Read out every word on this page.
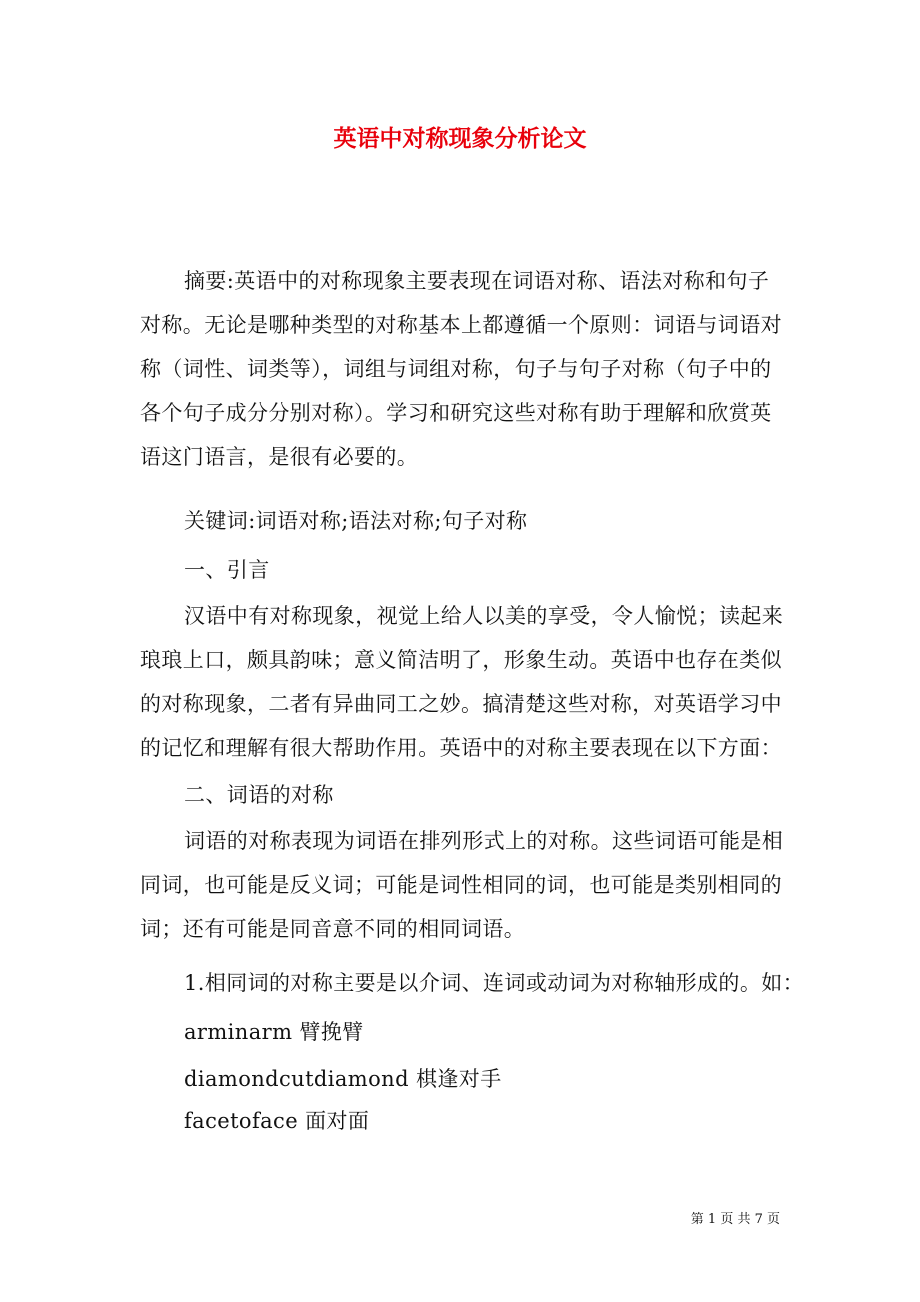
英语中对称现象分析论文
摘要:英语中的对称现象主要表现在词语对称、语法对称和句子
对称。无论是哪种类型的对称基本上都遵循一个原则：词语与词语对
称（词性、词类等），词组与词组对称，句子与句子对称（句子中的
各个句子成分分别对称）。学习和研究这些对称有助于理解和欣赏英
语这门语言，是很有必要的。
关键词:词语对称;语法对称;句子对称
一、引言
汉语中有对称现象，视觉上给人以美的享受，令人愉悦；读起来
琅琅上口，颇具韵味；意义简洁明了，形象生动。英语中也存在类似
的对称现象，二者有异曲同工之妙。搞清楚这些对称，对英语学习中
的记忆和理解有很大帮助作用。英语中的对称主要表现在以下方面：
二、词语的对称
词语的对称表现为词语在排列形式上的对称。这些词语可能是相
同词，也可能是反义词；可能是词性相同的词，也可能是类别相同的
词；还有可能是同音意不同的相同词语。
1.相同词的对称主要是以介词、连词或动词为对称轴形成的。如：
arminarm 臂挽臂
diamondcutdiamond 棋逢对手
facetoface 面对面
第 1 页 共 7 页
